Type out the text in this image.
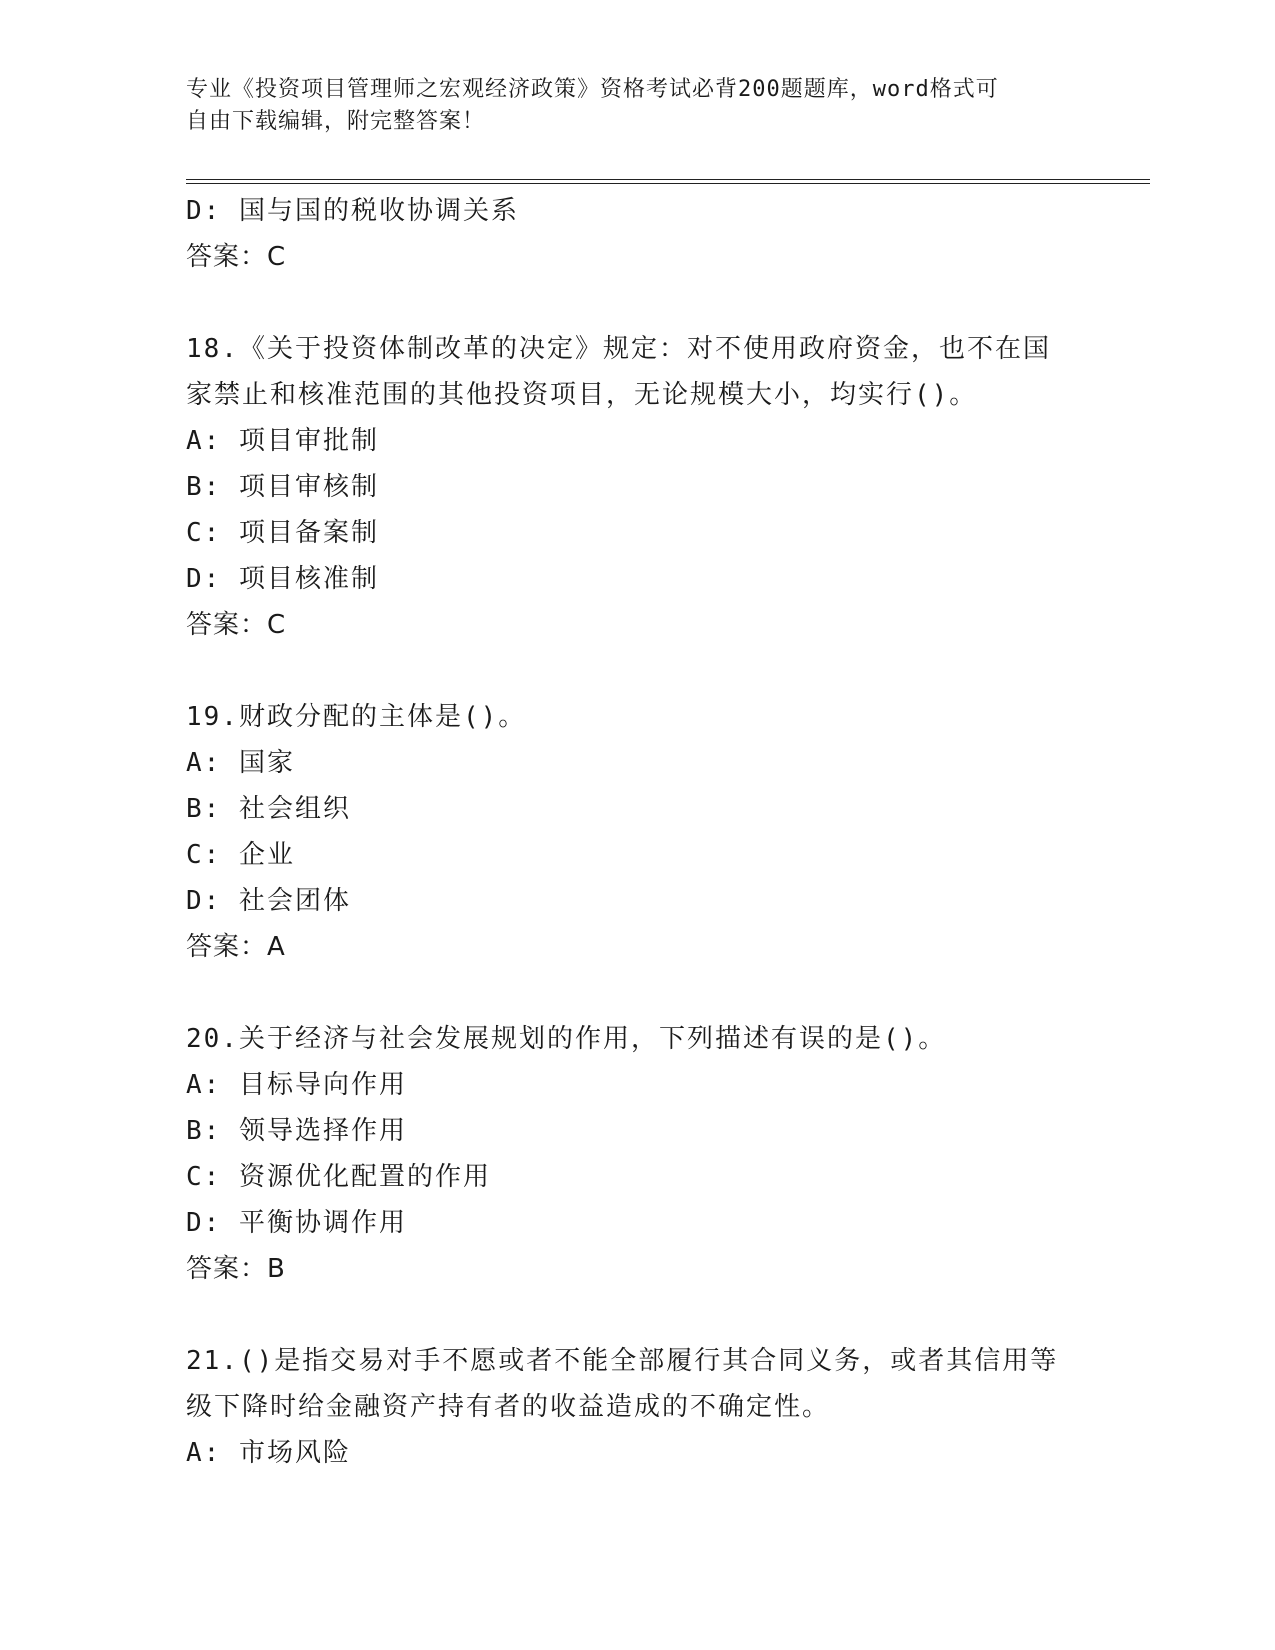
专业《投资项目管理师之宏观经济政策》资格考试必背200题题库，word格式可
自由下载编辑，附完整答案！
D: 国与国的税收协调关系
答案：C
18.《关于投资体制改革的决定》规定：对不使用政府资金，也不在国
家禁止和核准范围的其他投资项目，无论规模大小，均实行()。
A: 项目审批制
B: 项目审核制
C: 项目备案制
D: 项目核准制
答案：C
19.财政分配的主体是()。
A: 国家
B: 社会组织
C: 企业
D: 社会团体
答案：A
20.关于经济与社会发展规划的作用，下列描述有误的是()。
A: 目标导向作用
B: 领导选择作用
C: 资源优化配置的作用
D: 平衡协调作用
答案：B
21.()是指交易对手不愿或者不能全部履行其合同义务，或者其信用等
级下降时给金融资产持有者的收益造成的不确定性。
A: 市场风险
